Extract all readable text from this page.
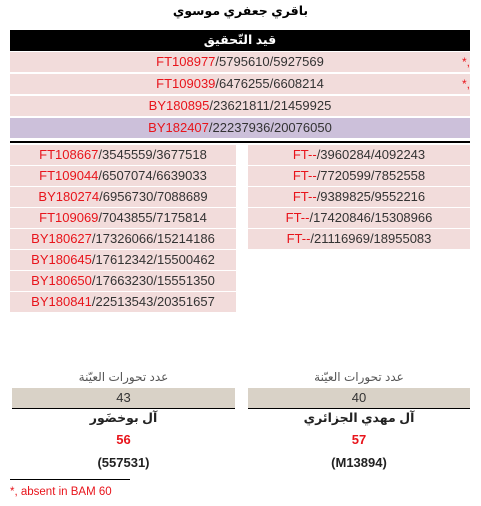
باقري جعفري موسوي
قيد التّحقيق
FT108977/5795610/5927569	*,
FT109039/6476255/6608214	*,
BY180895/23621811/21459925
BY182407/22237936/20076050
FT108667/3545559/3677518
FT109044/6507074/6639033
BY180274/6956730/7088689
FT109069/7043855/7175814
BY180627/17326066/15214186
BY180645/17612342/15500462
BY180650/17663230/15551350
BY180841/22513543/20351657
FT--/3960284/4092243
FT--/7720599/7852558
FT--/9389825/9552216
FT--/17420846/15308966
FT--/21116969/18955083
عدد تحورات العيّنة
43
آل بوخضَور
56
(557531)
عدد تحورات العيّنة
40
آل مهدي الجزائري
57
(M13894)
*, absent in BAM 60
